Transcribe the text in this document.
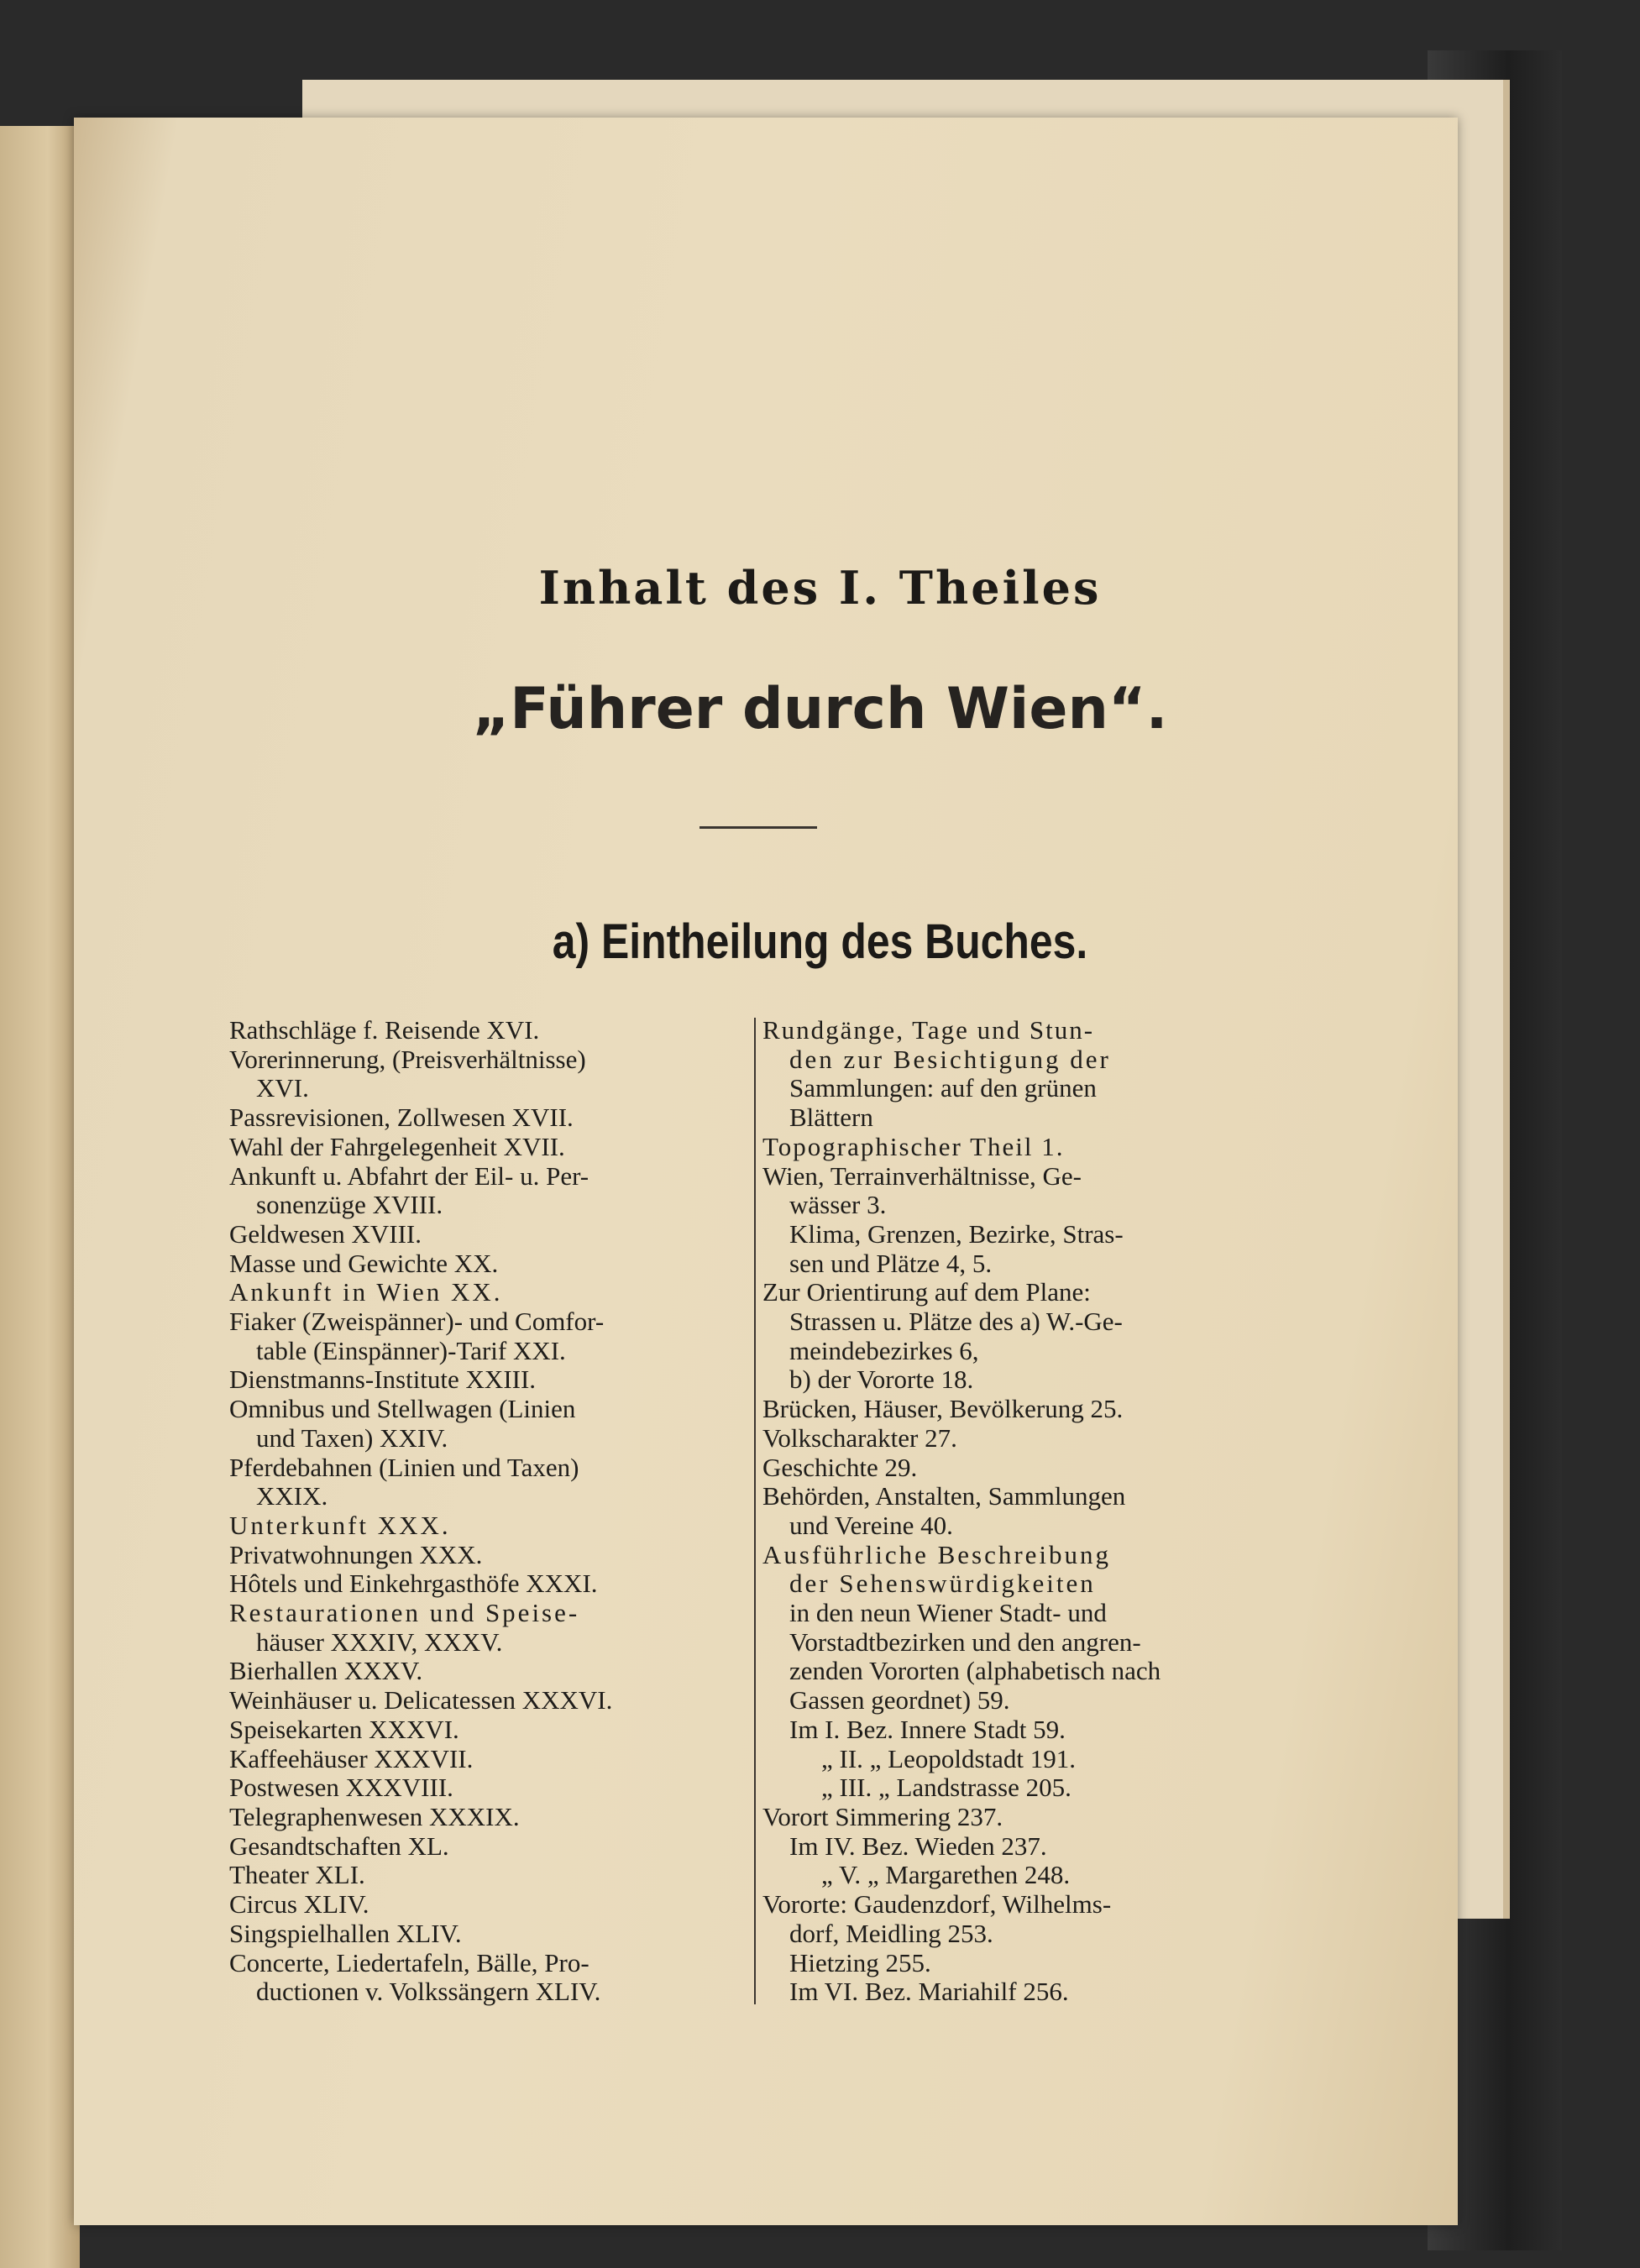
Inhalt des I. Theiles
„Führer durch Wien“.
a) Eintheilung des Buches.
Rathschläge f. Reisende XVI.
Vorerinnerung, (Preisverhältnisse)
XVI.
Passrevisionen, Zollwesen XVII.
Wahl der Fahrgelegenheit XVII.
Ankunft u. Abfahrt der Eil- u. Per-
sonenzüge XVIII.
Geldwesen XVIII.
Masse und Gewichte XX.
Ankunft in Wien XX.
Fiaker (Zweispänner)- und Comfor-
table (Einspänner)-Tarif XXI.
Dienstmanns-Institute XXIII.
Omnibus und Stellwagen (Linien
und Taxen) XXIV.
Pferdebahnen (Linien und Taxen)
XXIX.
Unterkunft XXX.
Privatwohnungen XXX.
Hôtels und Einkehrgasthöfe XXXI.
Restaurationen und Speise-
häuser XXXIV, XXXV.
Bierhallen XXXV.
Weinhäuser u. Delicatessen XXXVI.
Speisekarten XXXVI.
Kaffeehäuser XXXVII.
Postwesen XXXVIII.
Telegraphenwesen XXXIX.
Gesandtschaften XL.
Theater XLI.
Circus XLIV.
Singspielhallen XLIV.
Concerte, Liedertafeln, Bälle, Pro-
ductionen v. Volkssängern XLIV.
Rundgänge, Tage und Stun-
den zur Besichtigung der
Sammlungen: auf den grünen
Blättern
Topographischer Theil 1.
Wien, Terrainverhältnisse, Ge-
wässer 3.
Klima, Grenzen, Bezirke, Stras-
sen und Plätze 4, 5.
Zur Orientirung auf dem Plane:
Strassen u. Plätze des a) W.-Ge-
meindebezirkes 6,
b) der Vororte 18.
Brücken, Häuser, Bevölkerung 25.
Volkscharakter 27.
Geschichte 29.
Behörden, Anstalten, Sammlungen
und Vereine 40.
Ausführliche Beschreibung
der Sehenswürdigkeiten
in den neun Wiener Stadt- und
Vorstadtbezirken und den angren-
zenden Vororten (alphabetisch nach
Gassen geordnet) 59.
Im I. Bez. Innere Stadt 59.
„ II. „ Leopoldstadt 191.
„ III. „ Landstrasse 205.
Vorort Simmering 237.
Im IV. Bez. Wieden 237.
„ V. „ Margarethen 248.
Vororte: Gaudenzdorf, Wilhelms-
dorf, Meidling 253.
Hietzing 255.
Im VI. Bez. Mariahilf 256.
